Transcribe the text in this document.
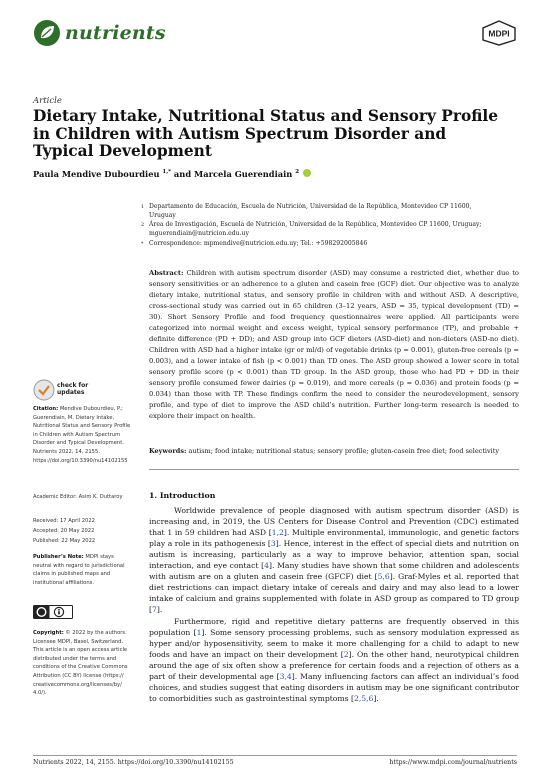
nutrients	MDPI
Article
Dietary Intake, Nutritional Status and Sensory Profile in Children with Autism Spectrum Disorder and Typical Development
Paula Mendive Dubourdieu $^{1,*}$ and Marcela Guerendiain $^2$
1 Departamento de Educación, Escuela de Nutrición, Universidad de la República, Montevideo CP 11600, Uruguay
2 Área de Investigación, Escuela de Nutrición, Universidad de la República, Montevideo CP 11600, Uruguay; mguerendiain@nutricion.edu.uy
* Correspondence: mpmendive@nutricion.edu.uy; Tel.: +598292005846
Abstract: Children with autism spectrum disorder (ASD) may consume a restricted diet, whether due to sensory sensitivities or an adherence to a gluten and casein free (GCF) diet. Our objective was to analyze dietary intake, nutritional status, and sensory profile in children with and without ASD. A descriptive, cross-sectional study was carried out in 65 children (3–12 years, ASD = 35, typical development (TD) = 30). Short Sensory Profile and food frequency questionnaires were applied. All participants were categorized into normal weight and excess weight, typical sensory performance (TP), and probable + definite difference (PD + DD); and ASD group into GCF dieters (ASD-diet) and non-dieters (ASD-no diet). Children with ASD had a higher intake (gr or ml/d) of vegetable drinks (p = 0.001), gluten-free cereals (p = 0.003), and a lower intake of fish (p < 0.001) than TD ones. The ASD group showed a lower score in total sensory profile score (p < 0.001) than TD group. In the ASD group, those who had PD + DD in their sensory profile consumed fewer dairies (p = 0.019), and more cereals (p = 0.036) and protein foods (p = 0.034) than those with TP. These findings confirm the need to consider the neurodevelopment, sensory profile, and type of diet to improve the ASD child’s nutrition. Further long-term research is needed to explore their impact on health.
Keywords: autism; food intake; nutritional status; sensory profile; gluten-casein free diet; food selectivity
check for
updates
Citation: Mendive Dubourdieu, P.; Guerendiain, M. Dietary Intake, Nutritional Status and Sensory Profile in Children with Autism Spectrum Disorder and Typical Development. Nutrients 2022, 14, 2155. https://doi.org/10.3390/nu14102155
Academic Editor: Asim K. Duttaroy
Received: 17 April 2022
Accepted: 20 May 2022
Published: 22 May 2022
Publisher’s Note: MDPI stays neutral with regard to jurisdictional claims in published maps and institutional affiliations.
Copyright: © 2022 by the authors. Licensee MDPI, Basel, Switzerland. This article is an open access article distributed under the terms and conditions of the Creative Commons Attribution (CC BY) license (https:// creativecommons.org/licenses/by/ 4.0/).
1. Introduction

Worldwide prevalence of people diagnosed with autism spectrum disorder (ASD) is increasing and, in 2019, the US Centers for Disease Control and Prevention (CDC) estimated that 1 in 59 children had ASD [1,2]. Multiple environmental, immunologic, and genetic factors play a role in its pathogenesis [3]. Hence, interest in the effect of special diets and nutrition on autism is increasing, particularly as a way to improve behavior, attention span, social interaction, and eye contact [4]. Many studies have shown that some children and adolescents with autism are on a gluten and casein free (GFCF) diet [5,6]. Graf-Myles et al. reported that diet restrictions can impact dietary intake of cereals and dairy and may also lead to a lower intake of calcium and grains supplemented with folate in ASD group as compared to TD group [7].

Furthermore, rigid and repetitive dietary patterns are frequently observed in this population [1]. Some sensory processing problems, such as sensory modulation expressed as hyper and/or hyposensitivity, seem to make it more challenging for a child to adapt to new foods and have an impact on their development [2]. On the other hand, neurotypical children around the age of six often show a preference for certain foods and a rejection of others as a part of their developmental age [3,4]. Many influencing factors can affect an individual’s food choices, and studies suggest that eating disorders in autism may be one significant contributor to comorbidities such as gastrointestinal symptoms [2,5,6].

Nutrients 2022, 14, 2155. https://doi.org/10.3390/nu14102155	https://www.mdpi.com/journal/nutrients
